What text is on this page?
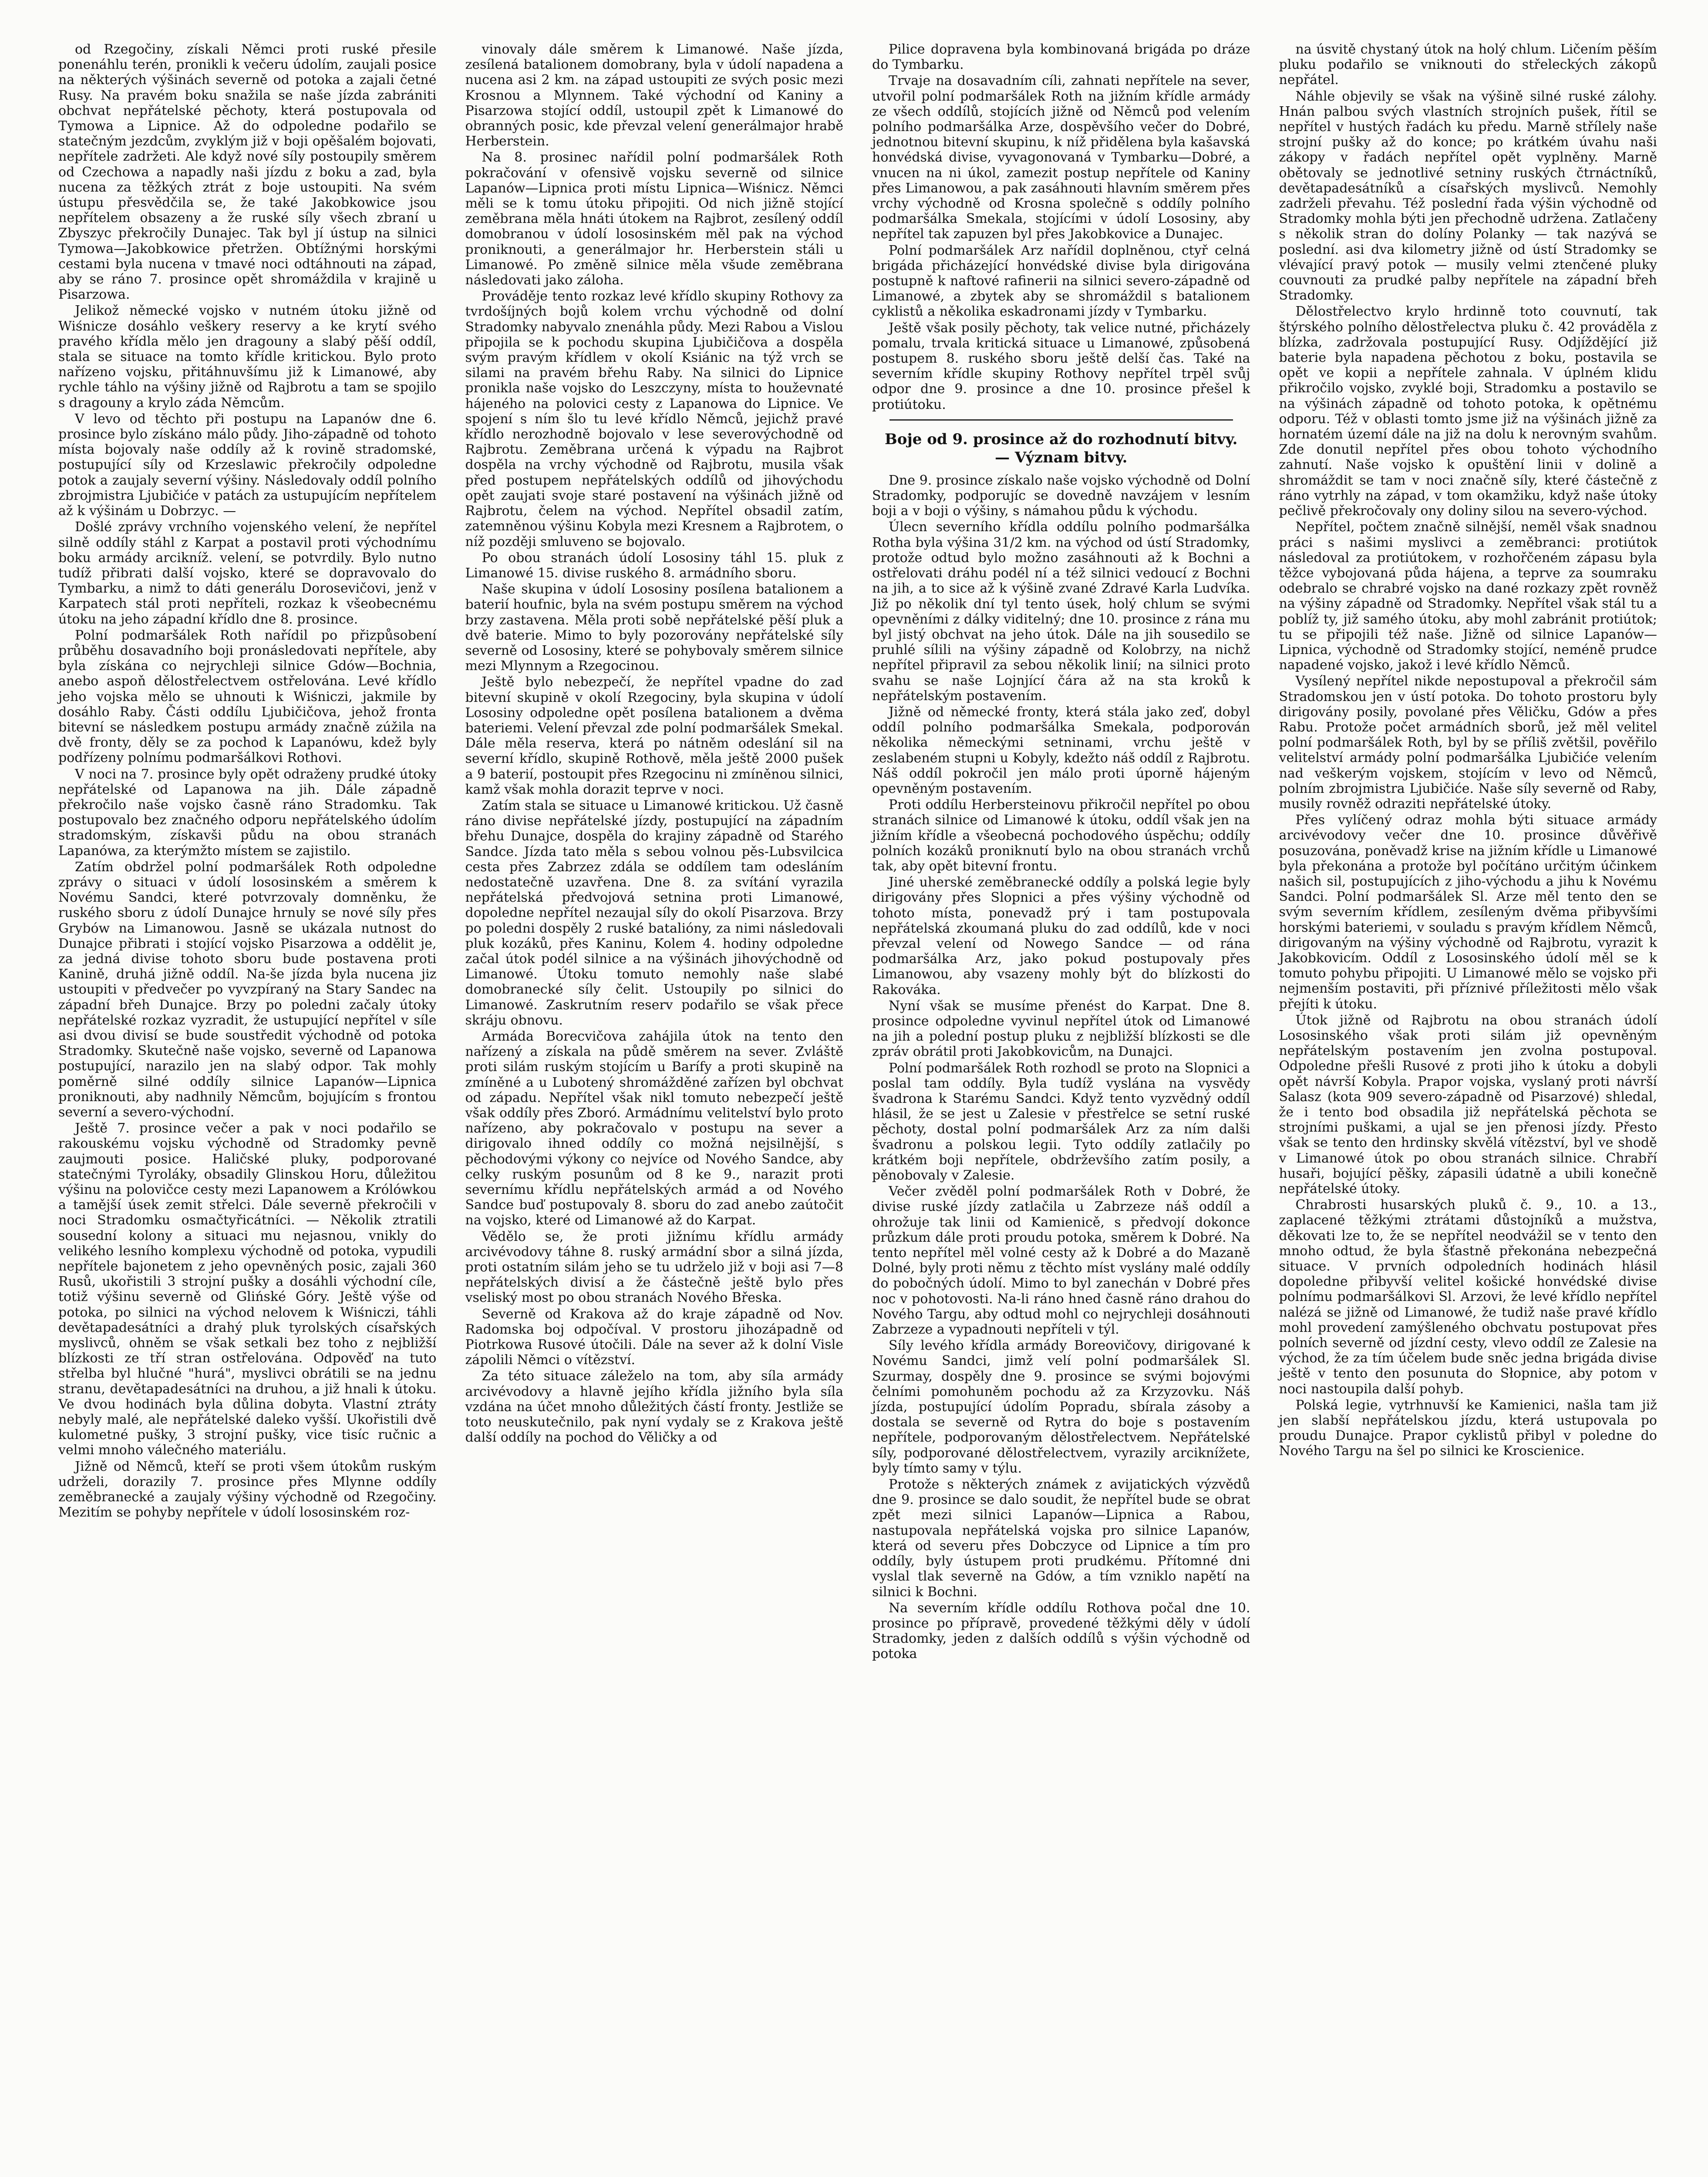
od Rzegočiny, získali Němci proti ruské přesile ponenáhlu terén, pronikli k večeru údolím, zaujali posice na některých výšinách severně od potoka a zajali četné Rusy. Na pravém boku snažila se naše jízda zabrániti obchvat nepřátelské pěchoty, která postupovala od Tymowa a Lipnice. Až do odpoledne podařilo se statečným jezdcům, zvyklým již v boji opěšalém bojovati, nepřítele zadržeti. Ale když nové síly postoupily směrem od Czechowa a napadly naši jízdu z boku a zad, byla nucena za těžkých ztrát z boje ustoupiti. Na svém ústupu přesvědčila se, že také Jakobkowice jsou nepřítelem obsazeny a že ruské síly všech zbraní u Zbyszyc překročily Dunajec. Tak byl jí ústup na silnici Tymowa—Jakobkowice přetržen. Obtížnými horskými cestami byla nucena v tmavé noci odtáhnouti na západ, aby se ráno 7. prosince opět shromáždila v krajině u Pisarzowa.

Jelikož německé vojsko v nutném útoku jižně od Wiśnicze dosáhlo veškery reservy a ke krytí svého pravého křídla mělo jen dragouny a slabý pěší oddíl, stala se situace na tomto křídle kritickou. Bylo proto nařízeno vojsku, přitáhnuvšímu již k Limanowé, aby rychle táhlo na výšiny jižně od Rajbrotu a tam se spojilo s dragouny a krylo záda Němcům.

V levo od těchto při postupu na Lapanów dne 6. prosince bylo získáno málo půdy. Jiho-západně od tohoto místa bojovaly naše oddíly až k rovině stradomské, postupující síly od Krzeslawic překročily odpoledne potok a zaujaly severní výšiny. Následovaly oddíl polního zbrojmistra Ljubičiće v patách za ustupujícím nepřítelem až k výšinám u Dobrzyc. —

Došlé zprávy vrchního vojenského velení, že nepřítel silně oddíly stáhl z Karpat a postavil proti východnímu boku armády arcikníž. velení, se potvrdily. Bylo nutno tudíž přibrati další vojsko, které se dopravovalo do Tymbarku, a nimž to dáti generálu Dorosevičovi, jenž v Karpatech stál proti nepříteli, rozkaz k všeobecnému útoku na jeho západní křídlo dne 8. prosince.

Polní podmaršálek Roth nařídil po přizpůsobení průběhu dosavadního boji pronásledovati nepřítele, aby byla získána co nejrychleji silnice Gdów—Bochnia, anebo aspoň dělostřelectvem ostřelována. Levé křídlo jeho vojska mělo se uhnouti k Wiśniczi, jakmile by dosáhlo Raby. Části oddílu Ljubičičova, jehož fronta bitevní se následkem postupu armády značně zúžila na dvě fronty, děly se za pochod k Lapanówu, kdež byly podřízeny polnímu podmaršálkovi Rothovi.

V noci na 7. prosince byly opět odraženy prudké útoky nepřátelské od Lapanowa na jih. Dále západně překročilo naše vojsko časně ráno Stradomku. Tak postupovalo bez značného odporu nepřátelského údolím stradomským, získavši půdu na obou stranách Lapanówa, za kterýmžto místem se zajistilo.

Zatím obdržel polní podmaršálek Roth odpoledne zprávy o situaci v údolí lososinském a směrem k Novému Sandci, které potvrzovaly domněnku, že ruského sboru z údolí Dunajce hrnuly se nové síly přes Grybów na Limanowou. Jasně se ukázala nutnost do Dunajce přibrati i stojící vojsko Pisarzowa a oddělit je, za jedná divise tohoto sboru bude postavena proti Kanině, druhá jižně oddíl. Na-še jízda byla nucena jiz ustoupiti v předvečer po vyvzpíraný na Stary Sandec na západní břeh Dunajce. Brzy po poledni začaly útoky nepřátelské rozkaz vyzradit, že ustupující nepřítel v síle asi dvou divisí se bude soustředit východně od potoka Stradomky. Skutečně naše vojsko, severně od Lapanowa postupující, narazilo jen na slabý odpor. Tak mohly poměrně silné oddíly silnice Lapanów—Lipnica proniknouti, aby nadhnily Němcům, bojujícím s frontou severní a severo-východní.

Ještě 7. prosince večer a pak v noci podařilo se rakouskému vojsku východně od Stradomky pevně zaujmouti posice. Haličské pluky, podporované statečnými Tyroláky, obsadily Glinskou Horu, důležitou výšinu na polovičce cesty mezi Lapanowem a Królówkou a tamější úsek zemit střelci. Dále severně překročili v noci Stradomku osmačtyřicátníci. — Několik ztratili sousední kolony a situaci mu nejasnou, vnikly do velikého lesního komplexu východně od potoka, vypudili nepřítele bajonetem z jeho opevněných posic, zajali 360 Rusů, ukořistili 3 strojní pušky a dosáhli východní cíle, totiž výšinu severně od Glińské Góry. Ještě výše od potoka, po silnici na východ nelovem k Wiśniczi, táhli devětapadesátníci a drahý pluk tyrolských císařských myslivců, ohněm se však setkali bez toho z nejbližší blízkosti ze tří stran ostřelována. Odpověď na tuto střelba byl hlučné "hurá", myslivci obrátili se na jednu stranu, devětapadesátníci na druhou, a již hnali k útoku. Ve dvou hodinách byla důlina dobyta. Vlastní ztráty nebyly malé, ale nepřátelské daleko vyšší. Ukořistili dvě kulometné pušky, 3 strojní pušky, vice tisíc ručnic a velmi mnoho válečného materiálu.

Jižně od Němců, kteří se proti všem útokům ruským udrželi, dorazily 7. prosince přes Mlynne oddíly zeměbranecké a zaujaly výšiny východně od Rzegočiny. Mezitím se pohyby nepřítele v údolí lososinském roz-

vinovaly dále směrem k Limanowé. Naše jízda, zesílená batalionem domobrany, byla v údolí napadena a nucena asi 2 km. na západ ustoupiti ze svých posic mezi Krosnou a Mlynnem. Také východní od Kaniny a Pisarzowa stojící oddíl, ustoupil zpět k Limanowé do obranných posic, kde převzal velení generálmajor hrabě Herberstein.

Na 8. prosinec nařídil polní podmaršálek Roth pokračování v ofensivě vojsku severně od silnice Lapanów—Lipnica proti místu Lipnica—Wiśnicz. Němci měli se k tomu útoku připojiti. Od nich jižně stojící zeměbrana měla hnáti útokem na Rajbrot, zesílený oddíl domobranou v údolí lososinském měl pak na východ proniknouti, a generálmajor hr. Herberstein stáli u Limanowé. Po změně silnice měla všude zeměbrana následovati jako záloha.

Prováděje tento rozkaz levé křídlo skupiny Rothovy za tvrdošíjných bojů kolem vrchu východně od dolní Stradomky nabyvalo znenáhla půdy. Mezi Rabou a Vislou připojila se k pochodu skupina Ljubičičova a dospěla svým pravým křídlem v okolí Ksiánic na týž vrch se silami na pravém břehu Raby. Na silnici do Lipnice pronikla naše vojsko do Leszczyny, místa to houževnaté hájeného na polovici cesty z Lapanowa do Lipnice. Ve spojení s ním šlo tu levé křídlo Němců, jejichž pravé křídlo nerozhodně bojovalo v lese severovýchodně od Rajbrotu. Zeměbrana určená k výpadu na Rajbrot dospěla na vrchy východně od Rajbrotu, musila však před postupem nepřátelských oddílů od jihovýchodu opět zaujati svoje staré postavení na výšinách jižně od Rajbrotu, čelem na východ. Nepřítel obsadil zatím, zatemněnou výšinu Kobyla mezi Kresnem a Rajbrotem, o níž později smluveno se bojovalo.

Po obou stranách údolí Lososiny táhl 15. pluk z Limanowé 15. divise ruského 8. armádního sboru.

Naše skupina v údolí Lososiny posílena batalionem a baterií houfnic, byla na svém postupu směrem na východ brzy zastavena. Měla proti sobě nepřátelské pěší pluk a dvě baterie. Mimo to byly pozorovány nepřátelské síly severně od Lososiny, které se pohybovaly směrem silnice mezi Mlynnym a Rzegocinou.

Ještě bylo nebezpečí, že nepřítel vpadne do zad bitevní skupině v okolí Rzegociny, byla skupina v údolí Lososiny odpoledne opět posílena batalionem a dvěma bateriemi. Velení převzal zde polní podmaršálek Smekal. Dále měla reserva, která po nátněm odeslání sil na severní křídlo, skupině Rothově, měla ještě 2000 pušek a 9 baterií, postoupit přes Rzegocinu ni zmíněnou silnici, kamž však mohla dorazit teprve v noci.

Zatím stala se situace u Limanowé kritickou. Už časně ráno divise nepřátelské jízdy, postupující na západním břehu Dunajce, dospěla do krajiny západně od Starého Sandce. Jízda tato měla s sebou volnou pěs-Lubsvilcica cesta přes Zabrzez zdála se oddílem tam odesláním nedostatečně uzavřena. Dne 8. za svítání vyrazila nepřátelská předvojová setnina proti Limanowé, dopoledne nepřítel nezaujal síly do okolí Pisarzova. Brzy po poledni dospěly 2 ruské batalióny, za nimi následovali pluk kozáků, přes Kaninu, Kolem 4. hodiny odpoledne začal útok podél silnice a na výšinách jihovýchodně od Limanowé. Útoku tomuto nemohly naše slabé domobranecké síly čelit. Ustoupily po silnici do Limanowé. Zaskrutním reserv podařilo se však přece skráju obnovu.

Armáda Borecvičova zahájila útok na tento den nařízený a získala na půdě směrem na sever. Zvláště proti silám ruským stojícím u Barífy a proti skupině na zmíněné a u Lubotený shromážděné zařízen byl obchvat od západu. Nepřítel však nikl tomuto nebezpečí ještě však oddíly přes Zboró. Armádnímu velitelství bylo proto nařízeno, aby pokračovalo v postupu na sever a dirigovalo ihned oddíly co možná nejsilnější, s pěchodovými výkony co nejvíce od Nového Sandce, aby celky ruským posunům od 8 ke 9., narazit proti severnímu křídlu nepřátelských armád a od Nového Sandce buď postupovaly 8. sboru do zad anebo zaútočit na vojsko, které od Limanowé až do Karpat.

Vědělo se, že proti jižnímu křídlu armády arcivévodovy táhne 8. ruský armádní sbor a silná jízda, proti ostatním silám jeho se tu udrželo již v boji asi 7—8 nepřátelských divisí a že částečně ještě bylo přes vseliský most po obou stranách Nového Břeska.

Severně od Krakova až do kraje západně od Nov. Radomska boj odpočíval. V prostoru jihozápadně od Piotrkowa Rusové útočili. Dále na sever až k dolní Visle zápolili Němci o vítězství.

Za této situace záleželo na tom, aby síla armády arcivévodovy a hlavně jejího křídla jižního byla síla vzdána na účet mnoho důležitých částí fronty. Jestliže se toto neuskutečnilo, pak nyní vydaly se z Krakova ještě další oddíly na pochod do Věličky a od

Pilice dopravena byla kombinovaná brigáda po dráze do Tymbarku.

Trvaje na dosavadním cíli, zahnati nepřítele na sever, utvořil polní podmaršálek Roth na jižním křídle armády ze všech oddílů, stojících jižně od Němců pod velením polního podmaršálka Arze, dospěvšího večer do Dobré, jednotnou bitevní skupinu, k níž přidělena byla kašavská honvédská divise, vyvagonovaná v Tymbarku—Dobré, a vnucen na ni úkol, zamezit postup nepřítele od Kaniny přes Limanowou, a pak zasáhnouti hlavním směrem přes vrchy východně od Krosna společně s oddíly polního podmaršálka Smekala, stojícími v údolí Lososiny, aby nepřítel tak zapuzen byl přes Jakobkovice a Dunajec.

Polní podmaršálek Arz nařídil doplněnou, ctyř celná brigáda přicházející honvédské divise byla dirigována postupně k naftové rafinerii na silnici severo-západně od Limanowé, a zbytek aby se shromáždil s batalionem cyklistů a několika eskadronami jízdy v Tymbarku.

Ještě však posily pěchoty, tak velice nutné, přicházely pomalu, trvala kritická situace u Limanowé, způsobená postupem 8. ruského sboru ještě delší čas. Také na severním křídle skupiny Rothovy nepřítel trpěl svůj odpor dne 9. prosince a dne 10. prosince přešel k protiútoku.

Boje od 9. prosince až do rozhodnutí bitvy.
— Význam bitvy.

Dne 9. prosince získalo naše vojsko východně od Dolní Stradomky, podporujíc se dovedně navzájem v lesním boji a v boji o výšiny, s námahou půdu k východu.

Úlecn severního křídla oddílu polního podmaršálka Rotha byla výšina 31/2 km. na východ od ústí Stradomky, protože odtud bylo možno zasáhnouti až k Bochni a ostřelovati dráhu podél ní a též silnici vedoucí z Bochni na jih, a to sice až k výšině zvané Zdravé Karla Ludvíka. Již po několik dní tyl tento úsek, holý chlum se svými opevněními z dálky viditelný; dne 10. prosince z rána mu byl jistý obchvat na jeho útok. Dále na jih sousedilo se pruhlé sílili na výšiny západně od Kolobrzy, na nichž nepřítel připravil za sebou několik linií; na silnici proto svahu se naše Lojnjící čára až na sta kroků k nepřátelským postavením.

Jižně od německé fronty, která stála jako zeď, dobyl oddíl polního podmaršálka Smekala, podporován několika německými setninami, vrchu ještě v zeslabeném stupni u Kobyly, kdežto náš oddíl z Rajbrotu. Náš oddíl pokročil jen málo proti úporně hájeným opevněným postavením.

Proti oddílu Herbersteinovu přikročil nepřítel po obou stranách silnice od Limanowé k útoku, oddíl však jen na jižním křídle a všeobecná pochodového úspěchu; oddíly polních kozáků proniknutí bylo na obou stranách vrchů tak, aby opět bitevní frontu.

Jiné uherské zeměbranecké oddíly a polská legie byly dirigovány přes Slopnici a přes výšiny východně od tohoto místa, ponevadž prý i tam postupovala nepřátelská zkoumaná pluku do zad oddílů, kde v noci převzal velení od Nowego Sandce — od rána podmaršálka Arz, jako pokud postupovaly přes Limanowou, aby vsazeny mohly být do blízkosti do Rakováka.

Nyní však se musíme přenést do Karpat. Dne 8. prosince odpoledne vyvinul nepřítel útok od Limanowé na jih a polední postup pluku z nejbližší blízkosti se dle zpráv obrátil proti Jakobkovicům, na Dunajci.

Polní podmaršálek Roth rozhodl se proto na Slopnici a poslal tam oddíly. Byla tudíž vyslána na vysvědy švadrona k Starému Sandci. Když tento vyzvědný oddíl hlásil, že se jest u Zalesie v přestřelce se setní ruské pěchoty, dostal polní podmaršálek Arz za ním dalši švadronu a polskou legii. Tyto oddíly zatlačily po krátkém boji nepřítele, obdrževšího zatím posily, a pěnobovaly v Zalesie.

Večer zvěděl polní podmaršálek Roth v Dobré, že divise ruské jízdy zatlačila u Zabrzeze náš oddíl a ohrožuje tak linii od Kamienicě, s předvojí dokonce průzkum dále proti proudu potoka, směrem k Dobré. Na tento nepřítel měl volné cesty až k Dobré a do Mazaně Dolné, byly proti němu z těchto míst vyslány malé oddíly do pobočných údolí. Mimo to byl zanechán v Dobré přes noc v pohotovosti. Na-li ráno hned časně ráno drahou do Nového Targu, aby odtud mohl co nejrychleji dosáhnouti Zabrzeze a vypadnouti nepříteli v týl.

Síly levého křídla armády Boreovičovy, dirigované k Novému Sandci, jimž velí polní podmaršálek Sl. Szurmay, dospěly dne 9. prosince se svými bojovými čelními pomohuněm pochodu až za Krzyzovku. Náš jízda, postupující údolím Popradu, sbírala zásoby a dostala se severně od Rytra do boje s postavením nepřítele, podporovaným dělostřelectvem. Nepřátelské síly, podporované dělostřelectvem, vyrazily arciknížete, byly tímto samy v týlu.

Protože s některých známek z avijatických výzvědů dne 9. prosince se dalo soudit, že nepřítel bude se obrat zpět mezi silnici Lapanów—Lipnica a Rabou, nastupovala nepřátelská vojska pro silnice Lapanów, která od severu přes Dobczyce od Lipnice a tím pro oddíly, byly ústupem proti prudkému. Přítomné dni vyslal tlak severně na Gdów, a tím vzniklo napětí na silnici k Bochni.

Na severním křídle oddílu Rothova počal dne 10. prosince po přípravě, provedené těžkými děly v údolí Stradomky, jeden z dalších oddílů s výšin východně od potoka

na úsvitě chystaný útok na holý chlum. Ličením pěším pluku podařilo se vniknouti do střeleckých zákopů nepřátel.

Náhle objevily se však na výšině silné ruské zálohy. Hnán palbou svých vlastních strojních pušek, řítil se nepřítel v hustých řadách ku předu. Marně střílely naše strojní pušky až do konce; po krátkém úvahu naši zákopy v řadách nepřítel opět vyplněny. Marně obětovaly se jednotlivé setniny ruských čtrnáctníků, devětapadesátníků a císařských myslivců. Nemohly zadrželi převahu. Též poslední řada výšin východně od Stradomky mohla býti jen přechodně udržena. Zatlačeny s několik stran do dolíny Polanky — tak nazývá se poslední. asi dva kilometry jižně od ústí Stradomky se vlévající pravý potok — musily velmi ztenčené pluky couvnouti za prudké palby nepřítele na západní břeh Stradomky.

Dělostřelectvo krylo hrdinně toto couvnutí, tak štýrského polního dělostřelectva pluku č. 42 prováděla z blízka, zadržovala postupující Rusy. Odjíždějící již baterie byla napadena pěchotou z boku, postavila se opět ve kopii a nepřítele zahnala. V úplném klidu přikročilo vojsko, zvyklé boji, Stradomku a postavilo se na výšinách západně od tohoto potoka, k opětnému odporu. Též v oblasti tomto jsme již na výšinách jižně za hornatém území dále na již na dolu k nerovným svahům. Zde donutil nepřítel přes obou tohoto východního zahnutí. Naše vojsko k opuštění linii v dolině a shromáždit se tam v noci značně síly, které částečně z ráno vytrhly na západ, v tom okamžiku, když naše útoky pečlivě překročovaly ony doliny silou na severo-východ.

Nepřítel, počtem značně silnější, neměl však snadnou práci s našimi myslivci a zeměbranci: protiútok následoval za protiútokem, v rozhořčeném zápasu byla těžce vybojovaná půda hájena, a teprve za soumraku odebralo se chrabré vojsko na dané rozkazy zpět rovněž na výšiny západně od Stradomky. Nepřítel však stál tu a poblíž ty, již samého útoku, aby mohl zabránit protiútok; tu se připojili též naše. Jižně od silnice Lapanów—Lipnica, východně od Stradomky stojící, neméně prudce napadené vojsko, jakož i levé křídlo Němců.

Vysílený nepřítel nikde nepostupoval a překročil sám Stradomskou jen v ústí potoka. Do tohoto prostoru byly dirigovány posily, povolané přes Věličku, Gdów a přes Rabu. Protože počet armádních sborů, jež měl velitel polní podmaršálek Roth, byl by se příliš zvětšil, pověřilo velitelství armády polní podmaršálka Ljubičiće velením nad veškerým vojskem, stojícím v levo od Němců, polním zbrojmistra Ljubičiće. Naše síly severně od Raby, musily rovněž odraziti nepřátelské útoky.

Přes vylíčený odraz mohla býti situace armády arcivévodovy večer dne 10. prosince důvěřivě posuzována, poněvadž krise na jižním křídle u Limanowé byla překonána a protože byl počítáno určitým účinkem našich sil, postupujících z jiho-východu a jihu k Novému Sandci. Polní podmaršálek Sl. Arze měl tento den se svým severním křídlem, zesíleným dvěma přibyvšími horskými bateriemi, v souladu s pravým křídlem Němců, dirigovaným na výšiny východně od Rajbrotu, vyrazit k Jakobkovicím. Oddíl z Lososinského údolí měl se k tomuto pohybu připojiti. U Limanowé mělo se vojsko při nejmenším postaviti, při příznivé příležitosti mělo však přejíti k útoku.

Útok jižně od Rajbrotu na obou stranách údolí Lososinského však proti silám již opevněným nepřátelským postavením jen zvolna postupoval. Odpoledne přešli Rusové z proti jiho k útoku a dobyli opět návrší Kobyla. Prapor vojska, vyslaný proti návrší Salasz (kota 909 severo-západně od Pisarzové) shledal, že i tento bod obsadila již nepřátelská pěchota se strojními puškami, a ujal se jen přenosi jízdy. Přesto však se tento den hrdinsky skvělá vítězství, byl ve shodě v Limanowé útok po obou stranách silnice. Chrabří husaři, bojující pěšky, zápasili údatně a ubili konečně nepřátelské útoky.

Chrabrosti husarských pluků č. 9., 10. a 13., zaplacené těžkými ztrátami důstojníků a mužstva, děkovati lze to, že se nepřítel neodvážil se v tento den mnoho odtud, že byla šťastně překonána nebezpečná situace. V prvních odpoledních hodinách hlásil dopoledne přibyvší velitel košické honvédské divise polnímu podmaršálkovi Sl. Arzovi, že levé křídlo nepřítel nalézá se jižně od Limanowé, že tudiž naše pravé křídlo mohl provedení zamýšleného obchvatu postupovat přes polních severně od jízdní cesty, vlevo oddíl ze Zalesie na východ, že za tím účelem bude sněc jedna brigáda divise ještě v tento den posunuta do Słopnice, aby potom v noci nastoupila další pohyb.

Polská legie, vytrhnuvší ke Kamienici, našla tam již jen slabší nepřátelskou jízdu, která ustupovala po proudu Dunajce. Prapor cyklistů přibyl v poledne do Nového Targu na šel po silnici ke Kroscienice.
